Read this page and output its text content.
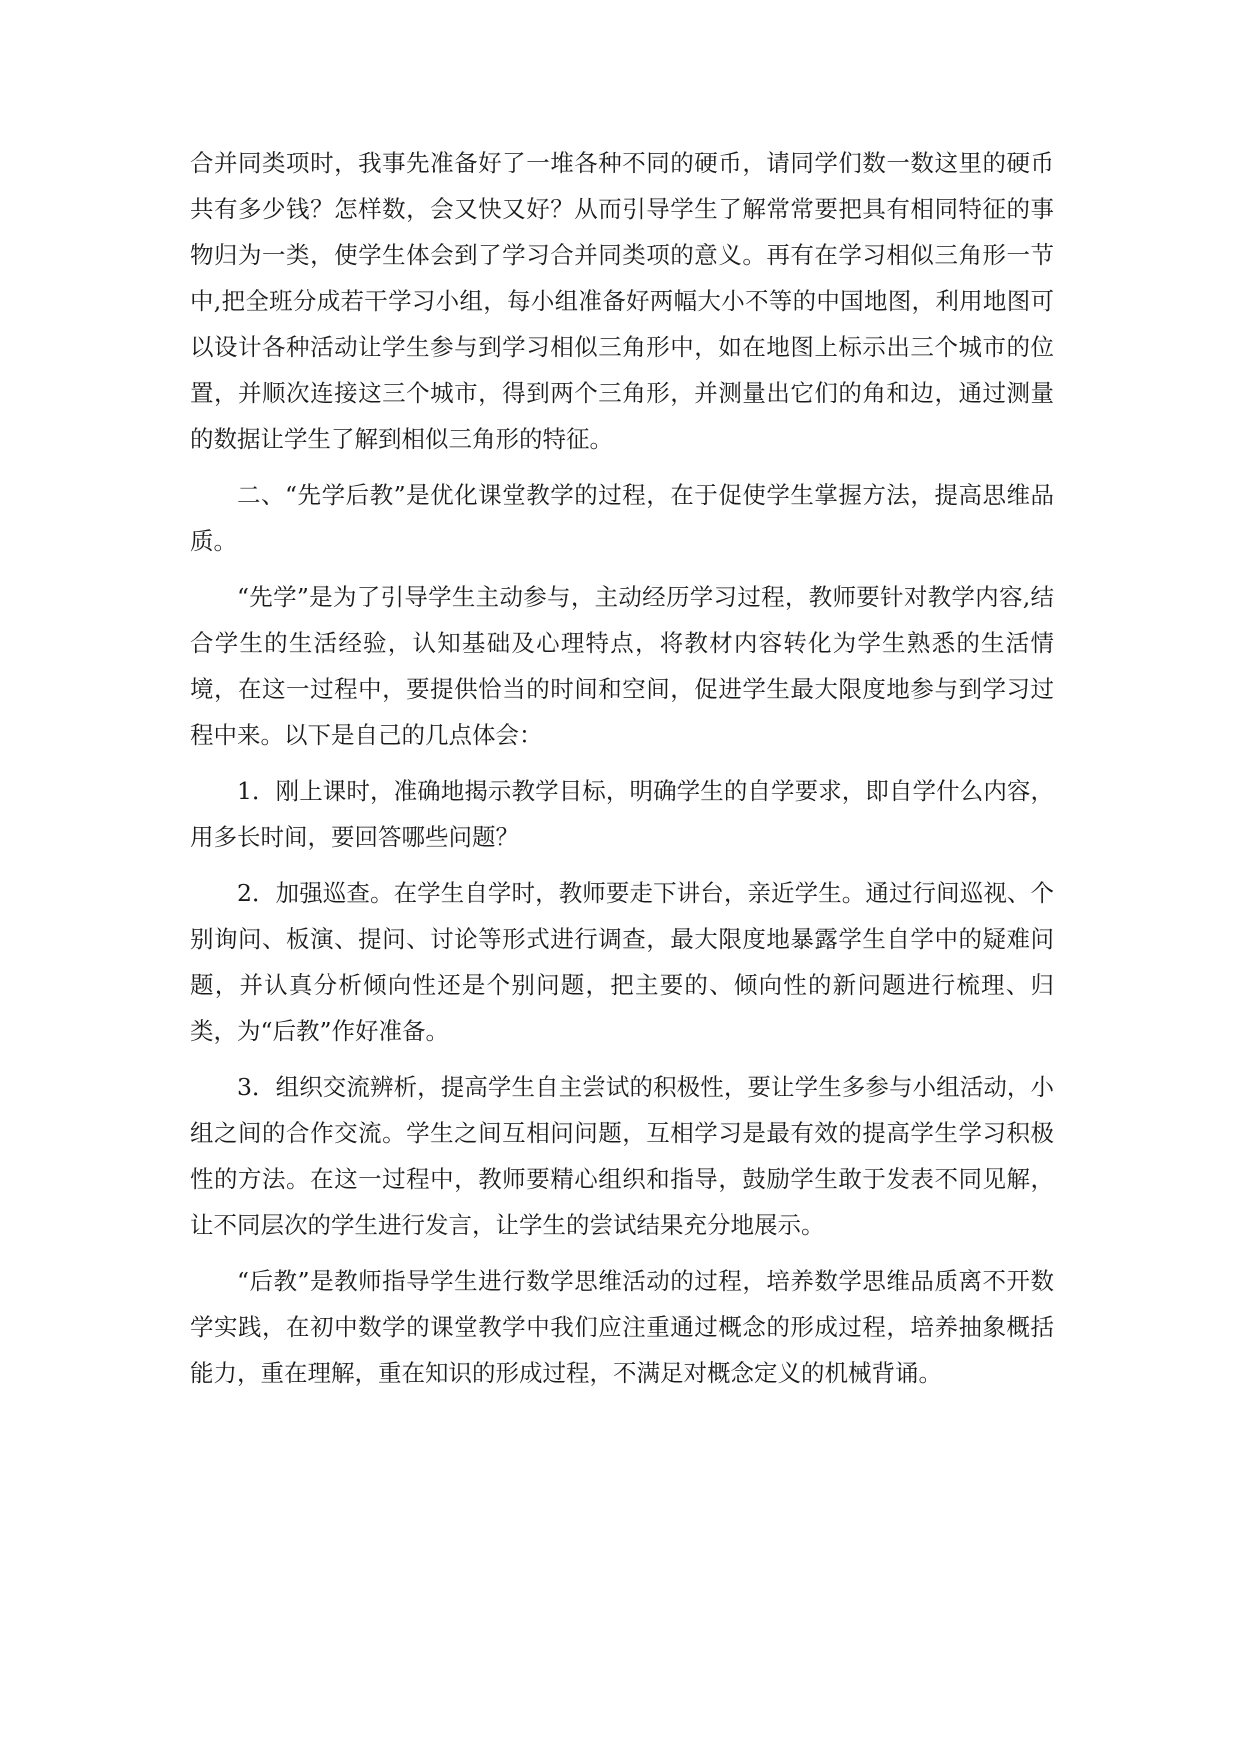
合并同类项时，我事先准备好了一堆各种不同的硬币，请同学们数一数这里的硬币共有多少钱？怎样数，会又快又好？从而引导学生了解常常要把具有相同特征的事物归为一类，使学生体会到了学习合并同类项的意义。再有在学习相似三角形一节中,把全班分成若干学习小组，每小组准备好两幅大小不等的中国地图，利用地图可以设计各种活动让学生参与到学习相似三角形中，如在地图上标示出三个城市的位置，并顺次连接这三个城市，得到两个三角形，并测量出它们的角和边，通过测量的数据让学生了解到相似三角形的特征。

二、“先学后教”是优化课堂教学的过程，在于促使学生掌握方法，提高思维品质。

“先学”是为了引导学生主动参与，主动经历学习过程，教师要针对教学内容,结合学生的生活经验，认知基础及心理特点，将教材内容转化为学生熟悉的生活情境，在这一过程中，要提供恰当的时间和空间，促进学生最大限度地参与到学习过程中来。以下是自己的几点体会：

1．刚上课时，准确地揭示教学目标，明确学生的自学要求，即自学什么内容，用多长时间，要回答哪些问题？

2．加强巡查。在学生自学时，教师要走下讲台，亲近学生。通过行间巡视、个别询问、板演、提问、讨论等形式进行调查，最大限度地暴露学生自学中的疑难问题，并认真分析倾向性还是个别问题，把主要的、倾向性的新问题进行梳理、归类，为“后教”作好准备。

3．组织交流辨析，提高学生自主尝试的积极性，要让学生多参与小组活动，小组之间的合作交流。学生之间互相问问题，互相学习是最有效的提高学生学习积极性的方法。在这一过程中，教师要精心组织和指导，鼓励学生敢于发表不同见解，让不同层次的学生进行发言，让学生的尝试结果充分地展示。

“后教”是教师指导学生进行数学思维活动的过程，培养数学思维品质离不开数学实践，在初中数学的课堂教学中我们应注重通过概念的形成过程，培养抽象概括能力，重在理解，重在知识的形成过程，不满足对概念定义的机械背诵。
